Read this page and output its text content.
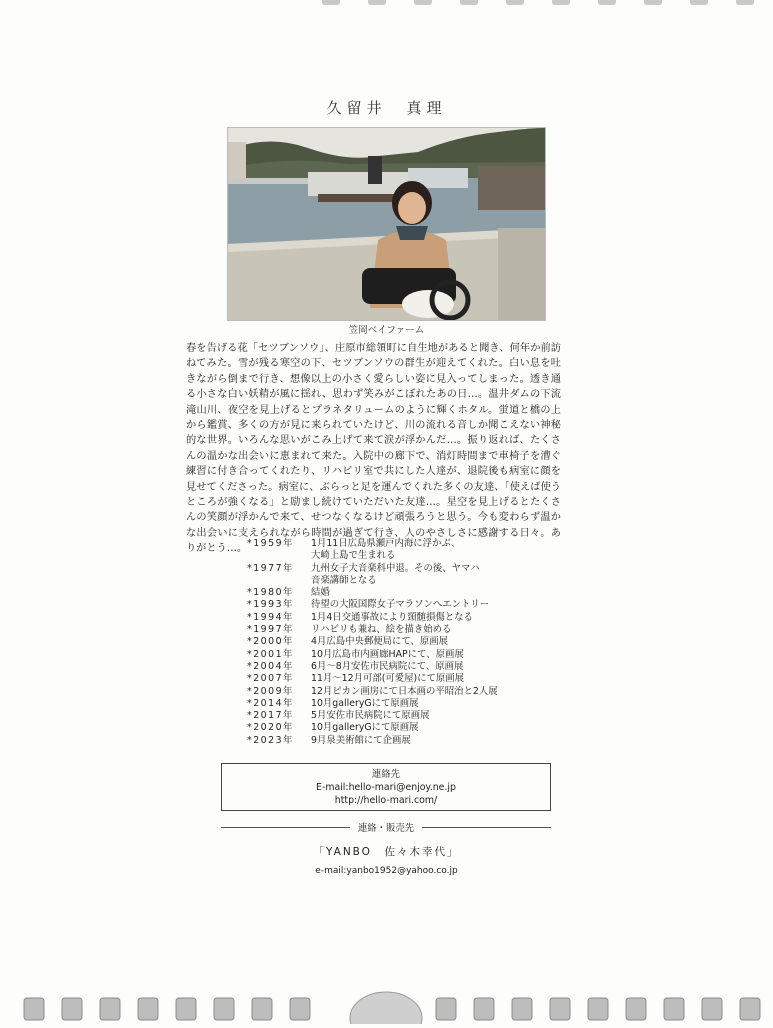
久留井　真理
笠岡ベイファーム
春を告げる花「セツブンソウ」、庄原市総領町に自生地があると聞き、何年か前訪ねてみた。雪が残る寒空の下、セツブンソウの群生が迎えてくれた。白い息を吐きながら倒まで行き、想像以上の小さく愛らしい姿に見入ってしまった。透き通る小さな白い妖精が風に揺れ、思わず笑みがこぼれたあの日…。温井ダムの下流滝山川、夜空を見上げるとプラネタリュームのように輝くホタル。蛍道と橋の上から鑑賞、多くの方が見に来られていたけど、川の流れる音しか聞こえない神秘的な世界。いろんな思いがこみ上げて来て涙が浮かんだ…。振り返れば、たくさんの温かな出会いに恵まれて来た。入院中の廊下で、消灯時間まで車椅子を漕ぐ練習に付き合ってくれたり、リハビリ室で共にした人達が、退院後も病室に顔を見せてくださった。病室に、ぶらっと足を運んでくれた多くの友達、「使えば使うところが強くなる」と励まし続けていただいた友達…。星空を見上げるとたくさんの笑顔が浮かんで来て、せつなくなるけど頑張ろうと思う。今も変わらず温かな出会いに支えられながら時間が過ぎて行き、人のやさしさに感謝する日々。ありがとう…。 *1959年	1月11日広島県瀬戸内海に浮かぶ、
大崎上島で生まれる
*1977年	九州女子大音楽科中退。その後、ヤマハ
音楽講師となる
*1980年	結婚
*1993年	待望の大阪国際女子マラソンへエントリー
*1994年	1月4日交通事故により頸髄損傷となる
*1997年	リハビリも兼ね、絵を描き始める
*2000年	4月広島中央郵便局にて、原画展
*2001年	10月広島市内画廊HAPにて、原画展
*2004年	6月～8月安佐市民病院にて、原画展
*2007年	11月～12月可部(可愛屋)にて原画展
*2009年	12月ピカン画房にて日本画の平昭治と2人展
*2014年	10月galleryGにて原画展
*2017年	5月安佐市民病院にて原画展
*2020年	10月galleryGにて原画展
*2023年	9月泉美術館にて企画展
連絡先
E-mail:hello-mari@enjoy.ne.jp
http://hello-mari.com/
連絡・販売先
「YANBO　佐々木幸代」
e-mail:yanbo1952@yahoo.co.jp
